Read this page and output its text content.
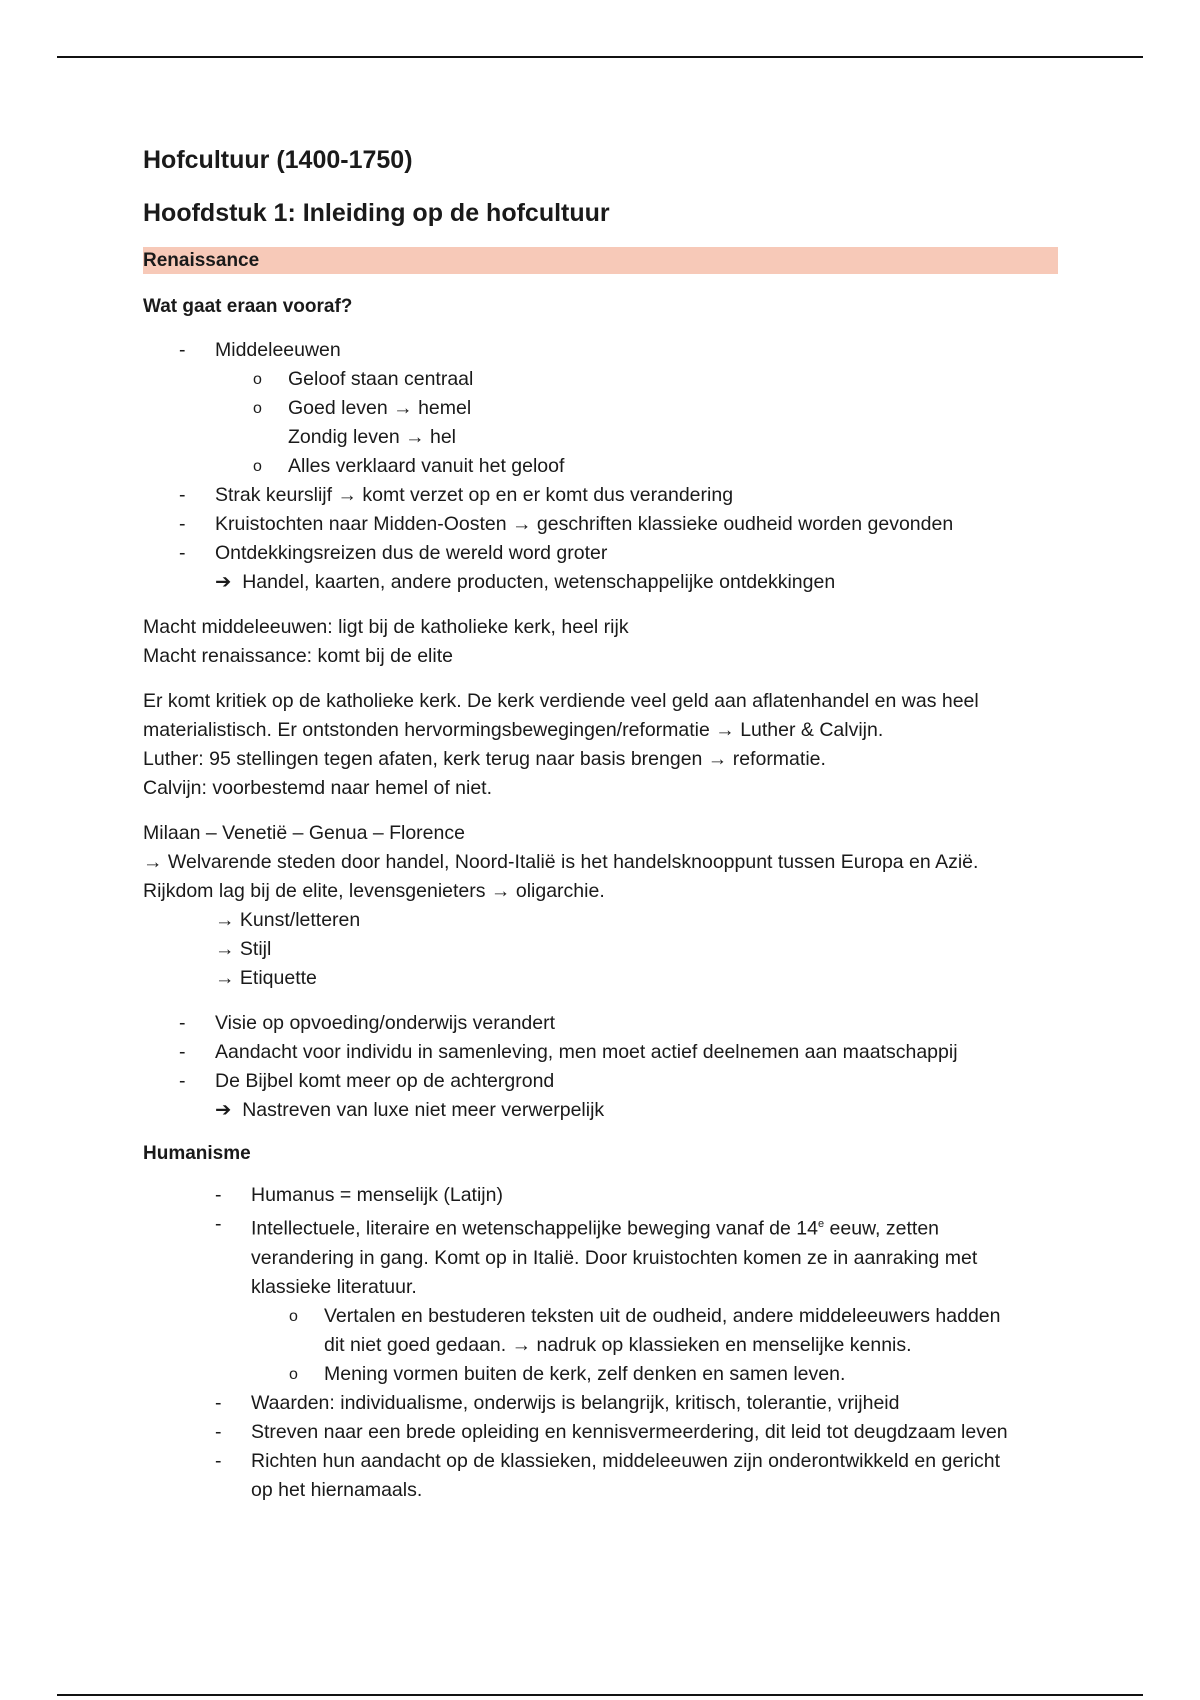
Hofcultuur (1400-1750)
Hoofdstuk 1: Inleiding op de hofcultuur
Renaissance
Wat gaat eraan vooraf?
-	Middeleeuwen
o	Geloof staan centraal
o	Goed leven → hemel
Zondig leven → hel
o	Alles verklaard vanuit het geloof
-	Strak keurslijf → komt verzet op en er komt dus verandering
-	Kruistochten naar Midden-Oosten → geschriften klassieke oudheid worden gevonden
-	Ontdekkingsreizen dus de wereld word groter
➔ Handel, kaarten, andere producten, wetenschappelijke ontdekkingen
Macht middeleeuwen: ligt bij de katholieke kerk, heel rijk
Macht renaissance: komt bij de elite
Er komt kritiek op de katholieke kerk. De kerk verdiende veel geld aan aflatenhandel en was heel
materialistisch. Er ontstonden hervormingsbewegingen/reformatie → Luther & Calvijn.
Luther: 95 stellingen tegen afaten, kerk terug naar basis brengen → reformatie.
Calvijn: voorbestemd naar hemel of niet.
Milaan – Venetië – Genua – Florence
→ Welvarende steden door handel, Noord-Italië is het handelsknooppunt tussen Europa en Azië.
Rijkdom lag bij de elite, levensgenieters → oligarchie.
→ Kunst/letteren
→ Stijl
→ Etiquette
-	Visie op opvoeding/onderwijs verandert
-	Aandacht voor individu in samenleving, men moet actief deelnemen aan maatschappij
-	De Bijbel komt meer op de achtergrond
➔ Nastreven van luxe niet meer verwerpelijk
Humanisme
-	Humanus = menselijk (Latijn)
-	Intellectuele, literaire en wetenschappelijke beweging vanaf de 14e eeuw, zetten
verandering in gang. Komt op in Italië. Door kruistochten komen ze in aanraking met
klassieke literatuur.
o	Vertalen en bestuderen teksten uit de oudheid, andere middeleeuwers hadden
dit niet goed gedaan. → nadruk op klassieken en menselijke kennis.
o	Mening vormen buiten de kerk, zelf denken en samen leven.
-	Waarden: individualisme, onderwijs is belangrijk, kritisch, tolerantie, vrijheid
-	Streven naar een brede opleiding en kennisvermeerdering, dit leid tot deugdzaam leven
-	Richten hun aandacht op de klassieken, middeleeuwen zijn onderontwikkeld en gericht
op het hiernamaals.
